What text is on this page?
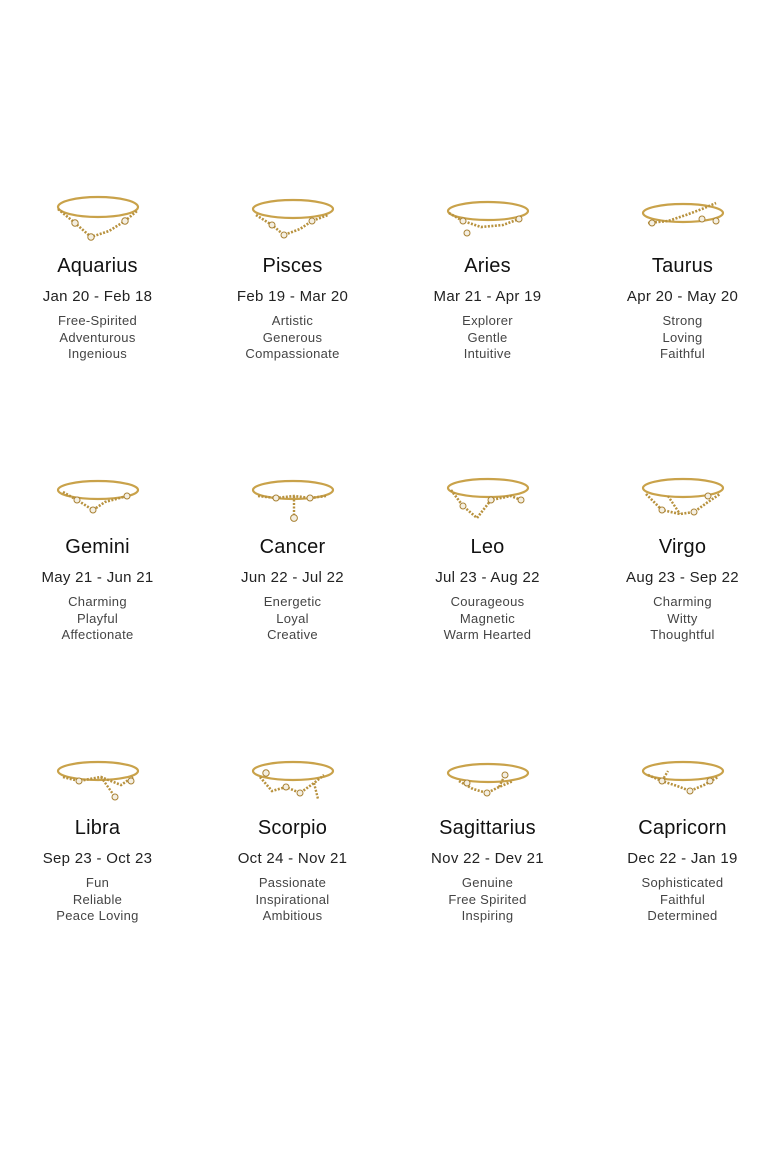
Aquarius
Jan 20 - Feb 18
Free-Spirited
Adventurous
Ingenious
Pisces
Feb 19 - Mar 20
Artistic
Generous
Compassionate
Aries
Mar 21 - Apr 19
Explorer
Gentle
Intuitive
Taurus
Apr 20 - May 20
Strong
Loving
Faithful
Gemini
May 21 - Jun 21
Charming
Playful
Affectionate
Cancer
Jun 22 - Jul 22
Energetic
Loyal
Creative
Leo
Jul 23 - Aug 22
Courageous
Magnetic
Warm Hearted
Virgo
Aug 23 - Sep 22
Charming
Witty
Thoughtful
Libra
Sep 23 - Oct 23
Fun
Reliable
Peace Loving
Scorpio
Oct 24 - Nov 21
Passionate
Inspirational
Ambitious
Sagittarius
Nov 22 - Dev 21
Genuine
Free Spirited
Inspiring
Capricorn
Dec 22 - Jan 19
Sophisticated
Faithful
Determined
